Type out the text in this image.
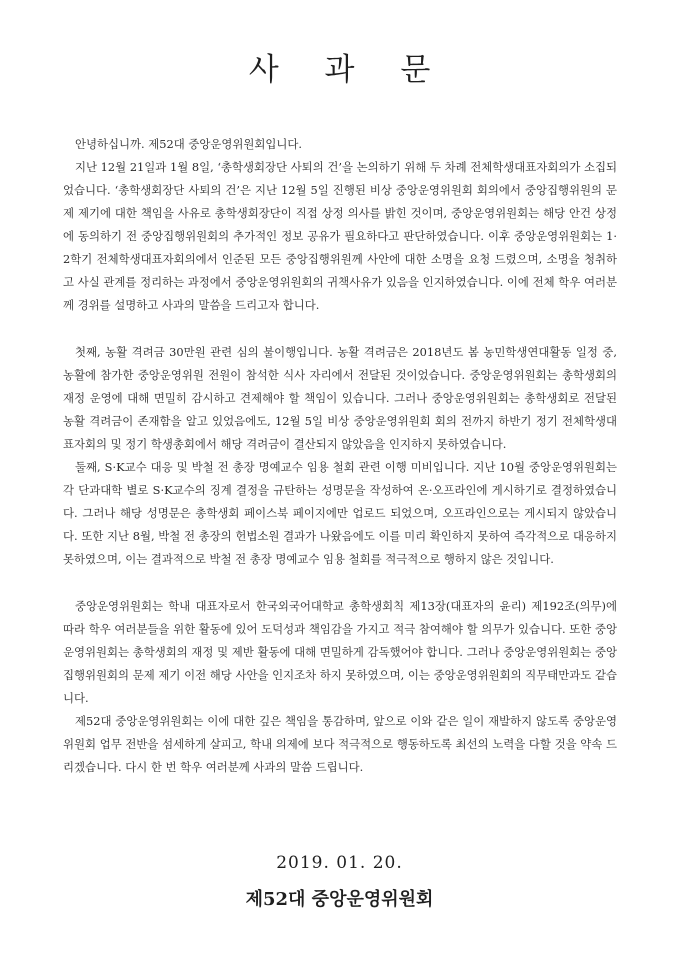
사 과 문

안녕하십니까. 제52대 중앙운영위원회입니다.

지난 12월 21일과 1월 8일, ‘총학생회장단 사퇴의 건’을 논의하기 위해 두 차례 전체학생대표자회의가 소집되었습니다. ‘총학생회장단 사퇴의 건’은 지난 12월 5일 진행된 비상 중앙운영위원회 회의에서 중앙집행위원의 문제 제기에 대한 책임을 사유로 총학생회장단이 직접 상정 의사를 밝힌 것이며, 중앙운영위원회는 해당 안건 상정에 동의하기 전 중앙집행위원회의 추가적인 정보 공유가 필요하다고 판단하였습니다. 이후 중앙운영위원회는 1·2학기 전체학생대표자회의에서 인준된 모든 중앙집행위원께 사안에 대한 소명을 요청 드렸으며, 소명을 청취하고 사실 관계를 정리하는 과정에서 중앙운영위원회의 귀책사유가 있음을 인지하였습니다. 이에 전체 학우 여러분께 경위를 설명하고 사과의 말씀을 드리고자 합니다.

첫째, 농활 격려금 30만원 관련 심의 불이행입니다. 농활 격려금은 2018년도 봄 농민학생연대활동 일정 중, 농활에 참가한 중앙운영위원 전원이 참석한 식사 자리에서 전달된 것이었습니다. 중앙운영위원회는 총학생회의 재정 운영에 대해 면밀히 감시하고 견제해야 할 책임이 있습니다. 그러나 중앙운영위원회는 총학생회로 전달된 농활 격려금이 존재함을 알고 있었음에도, 12월 5일 비상 중앙운영위원회 회의 전까지 하반기 정기 전체학생대표자회의 및 정기 학생총회에서 해당 격려금이 결산되지 않았음을 인지하지 못하였습니다.

둘째, S·K교수 대응 및 박철 전 총장 명예교수 임용 철회 관련 이행 미비입니다. 지난 10월 중앙운영위원회는 각 단과대학 별로 S·K교수의 징계 결정을 규탄하는 성명문을 작성하여 온·오프라인에 게시하기로 결정하였습니다. 그러나 해당 성명문은 총학생회 페이스북 페이지에만 업로드 되었으며, 오프라인으로는 게시되지 않았습니다. 또한 지난 8월, 박철 전 총장의 헌법소원 결과가 나왔음에도 이를 미리 확인하지 못하여 즉각적으로 대응하지 못하였으며, 이는 결과적으로 박철 전 총장 명예교수 임용 철회를 적극적으로 행하지 않은 것입니다.

중앙운영위원회는 학내 대표자로서 한국외국어대학교 총학생회칙 제13장(대표자의 윤리) 제192조(의무)에 따라 학우 여러분들을 위한 활동에 있어 도덕성과 책임감을 가지고 적극 참여해야 할 의무가 있습니다. 또한 중앙운영위원회는 총학생회의 재정 및 제반 활동에 대해 면밀하게 감독했어야 합니다. 그러나 중앙운영위원회는 중앙집행위원회의 문제 제기 이전 해당 사안을 인지조차 하지 못하였으며, 이는 중앙운영위원회의 직무태만과도 같습니다.

제52대 중앙운영위원회는 이에 대한 깊은 책임을 통감하며, 앞으로 이와 같은 일이 재발하지 않도록 중앙운영위원회 업무 전반을 섬세하게 살피고, 학내 의제에 보다 적극적으로 행동하도록 최선의 노력을 다할 것을 약속 드리겠습니다. 다시 한 번 학우 여러분께 사과의 말씀 드립니다.

2019. 01. 20.
제52대 중앙운영위원회
